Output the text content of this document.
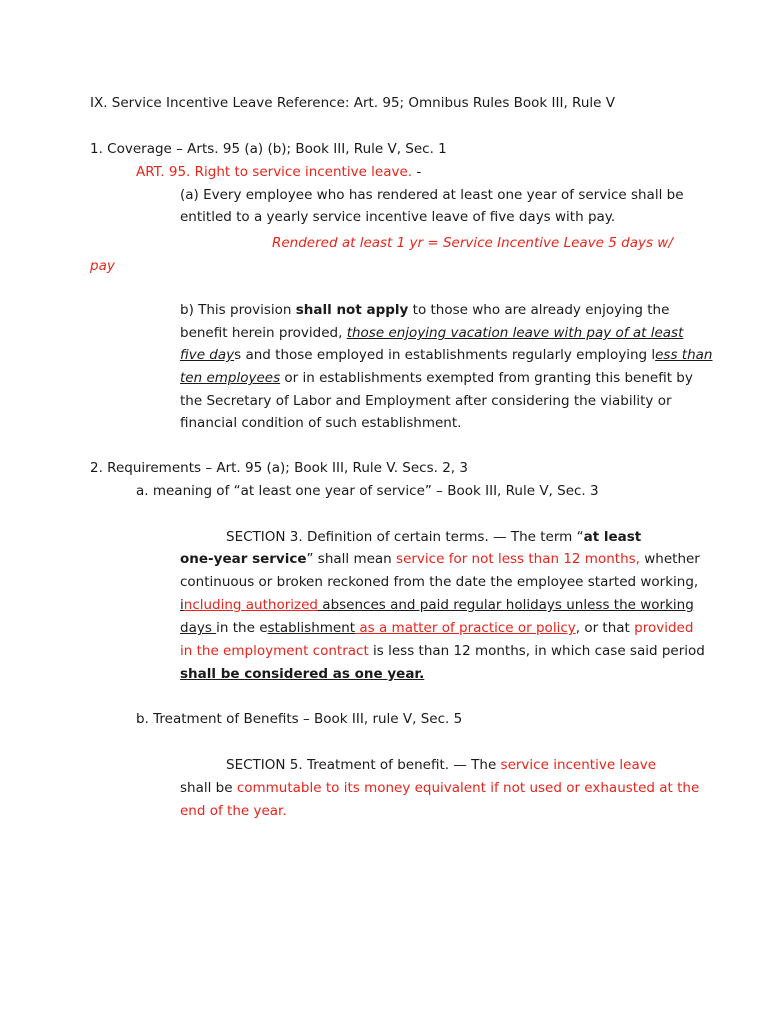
IX. Service Incentive Leave Reference: Art. 95; Omnibus Rules Book III, Rule V
1. Coverage – Arts. 95 (a) (b); Book III, Rule V, Sec. 1
ART. 95. Right to service incentive leave. -
(a) Every employee who has rendered at least one year of service shall be
entitled to a yearly service incentive leave of five days with pay.
Rendered at least 1 yr = Service Incentive Leave 5 days w/
pay
b) This provision shall not apply to those who are already enjoying the
benefit herein provided, those enjoying vacation leave with pay of at least
five days and those employed in establishments regularly employing less than
ten employees or in establishments exempted from granting this benefit by
the Secretary of Labor and Employment after considering the viability or
financial condition of such establishment.
2. Requirements – Art. 95 (a); Book III, Rule V. Secs. 2, 3
a. meaning of “at least one year of service” – Book III, Rule V, Sec. 3
SECTION 3. Definition of certain terms. — The term “at least
one-year service” shall mean service for not less than 12 months, whether
continuous or broken reckoned from the date the employee started working,
including authorized absences and paid regular holidays unless the working
days in the establishment as a matter of practice or policy, or that provided
in the employment contract is less than 12 months, in which case said period
shall be considered as one year.
b. Treatment of Benefits – Book III, rule V, Sec. 5
SECTION 5. Treatment of benefit. — The service incentive leave
shall be commutable to its money equivalent if not used or exhausted at the
end of the year.
